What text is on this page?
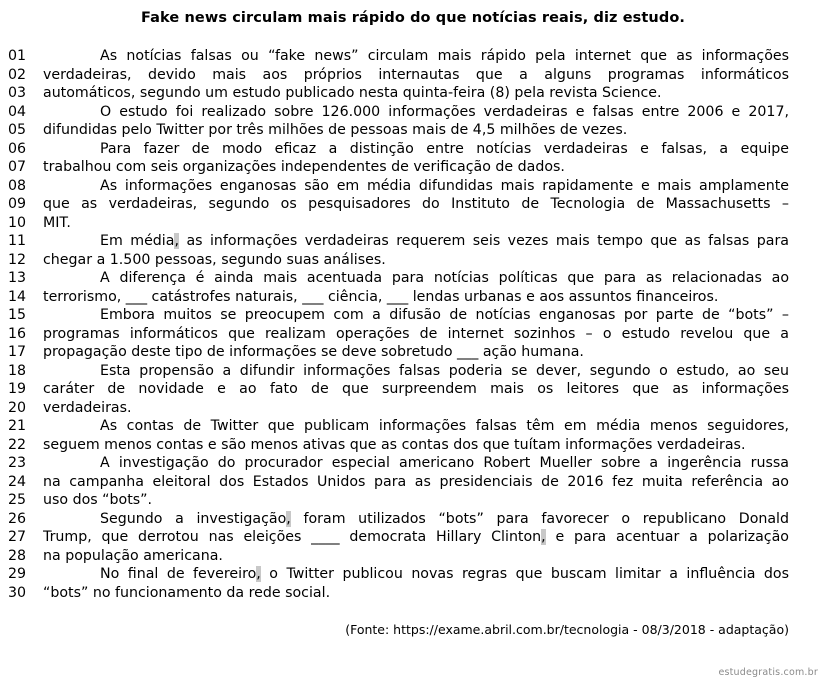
Fake news circulam mais rápido do que notícias reais, diz estudo.
01	As notícias falsas ou “fake news” circulam mais rápido pela internet que as informações
02	verdadeiras, devido mais aos próprios internautas que a alguns programas informáticos
03	automáticos, segundo um estudo publicado nesta quinta-feira (8) pela revista Science.
04	O estudo foi realizado sobre 126.000 informações verdadeiras e falsas entre 2006 e 2017,
05	difundidas pelo Twitter por três milhões de pessoas mais de 4,5 milhões de vezes.
06	Para fazer de modo eficaz a distinção entre notícias verdadeiras e falsas, a equipe
07	trabalhou com seis organizações independentes de verificação de dados.
08	As informações enganosas são em média difundidas mais rapidamente e mais amplamente
09	que as verdadeiras, segundo os pesquisadores do Instituto de Tecnologia de Massachusetts –
10	MIT.
11	Em média, as informações verdadeiras requerem seis vezes mais tempo que as falsas para
12	chegar a 1.500 pessoas, segundo suas análises.
13	A diferença é ainda mais acentuada para notícias políticas que para as relacionadas ao
14	terrorismo, ___ catástrofes naturais, ___ ciência, ___ lendas urbanas e aos assuntos financeiros.
15	Embora muitos se preocupem com a difusão de notícias enganosas por parte de “bots” –
16	programas informáticos que realizam operações de internet sozinhos – o estudo revelou que a
17	propagação deste tipo de informações se deve sobretudo ___ ação humana.
18	Esta propensão a difundir informações falsas poderia se dever, segundo o estudo, ao seu
19	caráter de novidade e ao fato de que surpreendem mais os leitores que as informações
20	verdadeiras.
21	As contas de Twitter que publicam informações falsas têm em média menos seguidores,
22	seguem menos contas e são menos ativas que as contas dos que tuítam informações verdadeiras.
23	A investigação do procurador especial americano Robert Mueller sobre a ingerência russa
24	na campanha eleitoral dos Estados Unidos para as presidenciais de 2016 fez muita referência ao
25	uso dos “bots”.
26	Segundo a investigação, foram utilizados “bots” para favorecer o republicano Donald
27	Trump, que derrotou nas eleições ____ democrata Hillary Clinton, e para acentuar a polarização
28	na população americana.
29	No final de fevereiro, o Twitter publicou novas regras que buscam limitar a influência dos
30	“bots” no funcionamento da rede social.
(Fonte: https://exame.abril.com.br/tecnologia - 08/3/2018 - adaptação)
estudegratis.com.br
